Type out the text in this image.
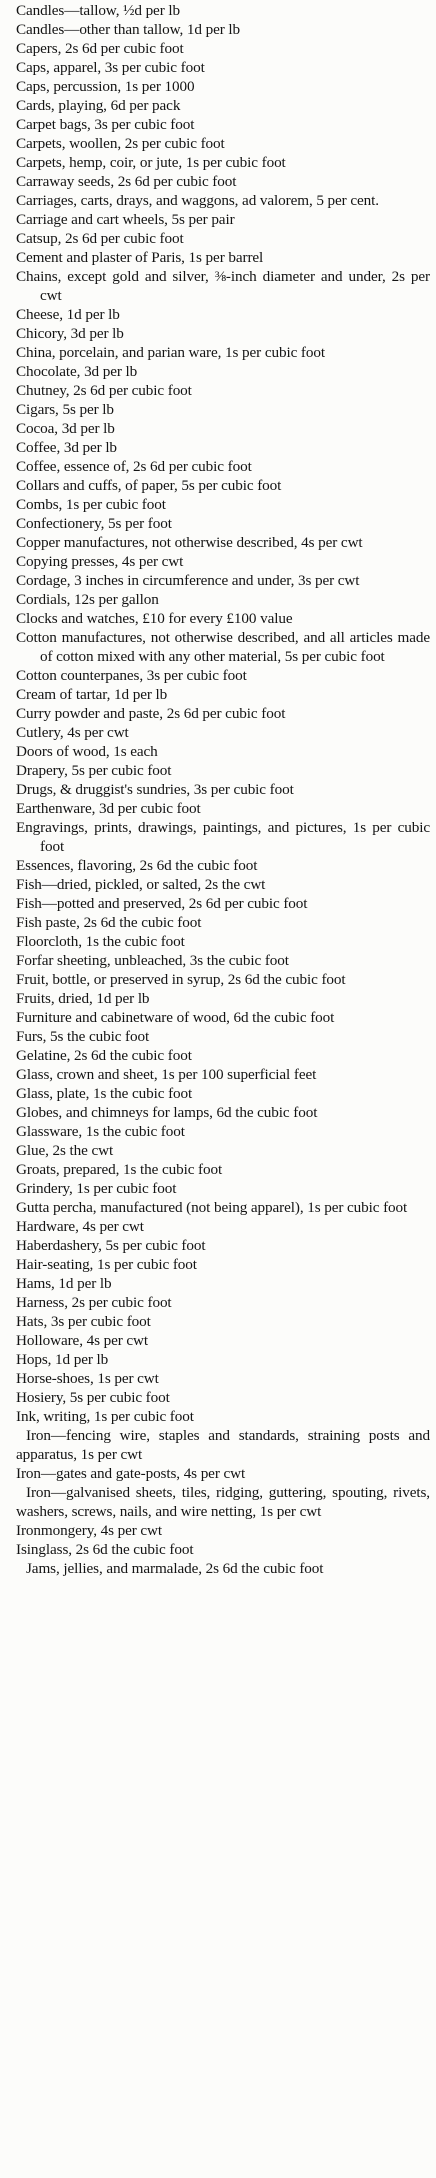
Candles—tallow, ½d per lb

Candles—other than tallow, 1d per lb

Capers, 2s 6d per cubic foot

Caps, apparel, 3s per cubic foot

Caps, percussion, 1s per 1000

Cards, playing, 6d per pack

Carpet bags, 3s per cubic foot

Carpets, woollen, 2s per cubic foot

Carpets, hemp, coir, or jute, 1s per cubic foot

Carraway seeds, 2s 6d per cubic foot

Carriages, carts, drays, and waggons, ad valorem, 5 per cent.

Carriage and cart wheels, 5s per pair

Catsup, 2s 6d per cubic foot

Cement and plaster of Paris, 1s per barrel

Chains, except gold and silver, ⅜-inch diameter and under, 2s per cwt

Cheese, 1d per lb

Chicory, 3d per lb

China, porcelain, and parian ware, 1s per cubic foot

Chocolate, 3d per lb

Chutney, 2s 6d per cubic foot

Cigars, 5s per lb

Cocoa, 3d per lb

Coffee, 3d per lb

Coffee, essence of, 2s 6d per cubic foot

Collars and cuffs, of paper, 5s per cubic foot

Combs, 1s per cubic foot

Confectionery, 5s per foot

Copper manufactures, not otherwise described, 4s per cwt

Copying presses, 4s per cwt

Cordage, 3 inches in circumference and under, 3s per cwt

Cordials, 12s per gallon

Clocks and watches, £10 for every £100 value

Cotton manufactures, not otherwise described, and all articles made of cotton mixed with any other material, 5s per cubic foot

Cotton counterpanes, 3s per cubic foot

Cream of tartar, 1d per lb

Curry powder and paste, 2s 6d per cubic foot

Cutlery, 4s per cwt

Doors of wood, 1s each

Drapery, 5s per cubic foot

Drugs, & druggist's sundries, 3s per cubic foot

Earthenware, 3d per cubic foot

Engravings, prints, drawings, paintings, and pictures, 1s per cubic foot

Essences, flavoring, 2s 6d the cubic foot

Fish—dried, pickled, or salted, 2s the cwt

Fish—potted and preserved, 2s 6d per cubic foot

Fish paste, 2s 6d the cubic foot

Floorcloth, 1s the cubic foot

Forfar sheeting, unbleached, 3s the cubic foot

Fruit, bottle, or preserved in syrup, 2s 6d the cubic foot

Fruits, dried, 1d per lb

Furniture and cabinetware of wood, 6d the cubic foot

Furs, 5s the cubic foot

Gelatine, 2s 6d the cubic foot

Glass, crown and sheet, 1s per 100 superficial feet

Glass, plate, 1s the cubic foot

Globes, and chimneys for lamps, 6d the cubic foot

Glassware, 1s the cubic foot

Glue, 2s the cwt

Groats, prepared, 1s the cubic foot

Grindery, 1s per cubic foot

Gutta percha, manufactured (not being apparel), 1s per cubic foot

Hardware, 4s per cwt

Haberdashery, 5s per cubic foot

Hair-seating, 1s per cubic foot

Hams, 1d per lb

Harness, 2s per cubic foot

Hats, 3s per cubic foot

Holloware, 4s per cwt

Hops, 1d per lb

Horse-shoes, 1s per cwt

Hosiery, 5s per cubic foot

Ink, writing, 1s per cubic foot

Iron—fencing wire, staples and standards, straining posts and apparatus, 1s per cwt

Iron—gates and gate-posts, 4s per cwt

Iron—galvanised sheets, tiles, ridging, guttering, spouting, rivets, washers, screws, nails, and wire netting, 1s per cwt

Ironmongery, 4s per cwt

Isinglass, 2s 6d the cubic foot

Jams, jellies, and marmalade, 2s 6d the cubic foot
